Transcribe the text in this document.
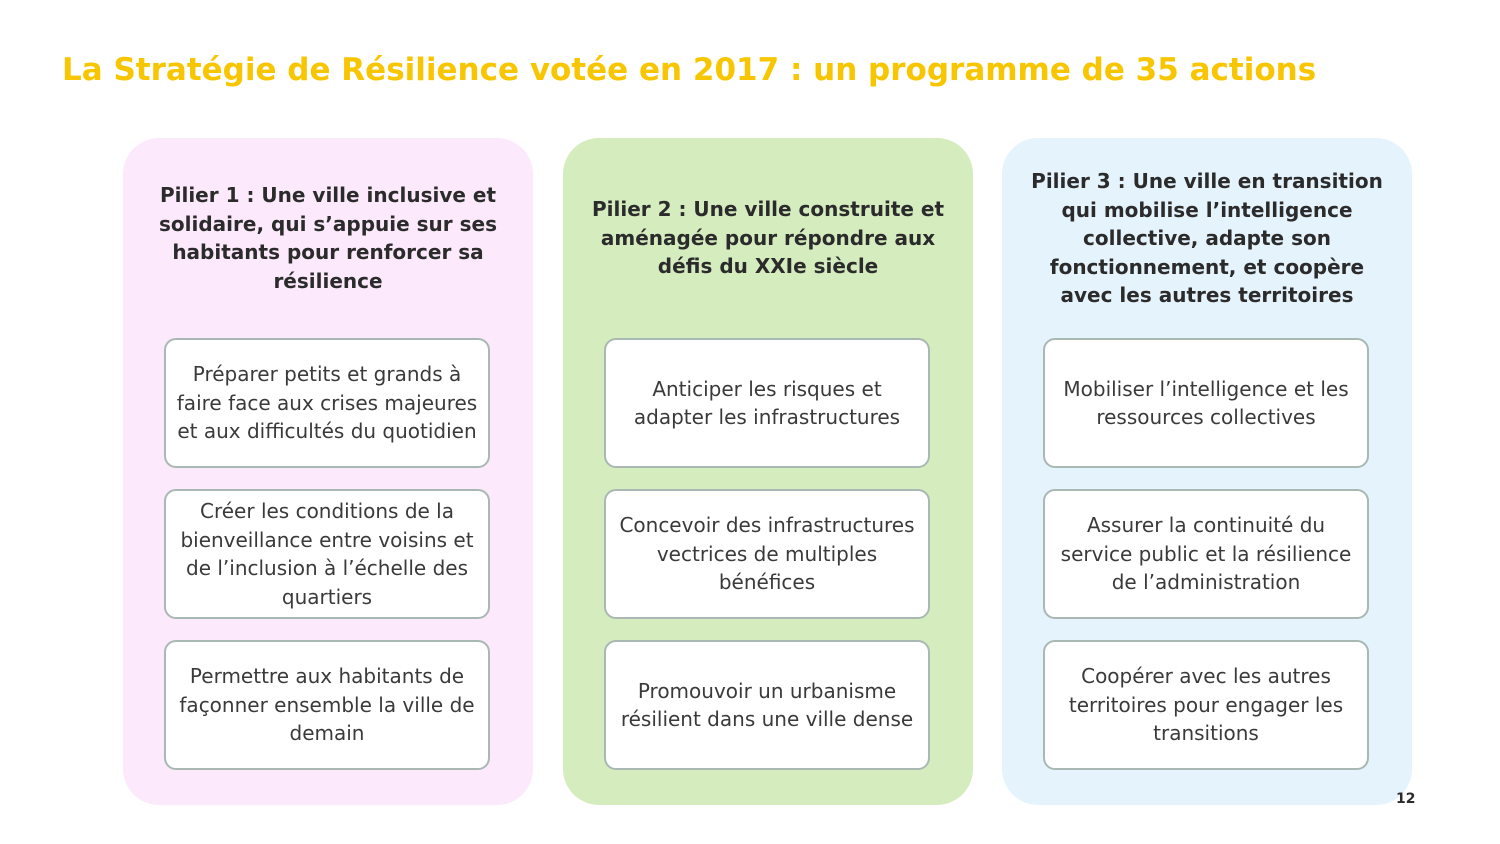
La Stratégie de Résilience votée en 2017 : un programme de 35 actions
Pilier 1 : Une ville inclusive et solidaire, qui s’appuie sur ses habitants pour renforcer sa résilience
Préparer petits et grands à faire face aux crises majeures et aux difficultés du quotidien
Créer les conditions de la bienveillance entre voisins et de l’inclusion à l’échelle des quartiers
Permettre aux habitants de façonner ensemble la ville de demain
Pilier 2 : Une ville construite et aménagée pour répondre aux défis du XXIe siècle
Anticiper les risques et adapter les infrastructures
Concevoir des infrastructures vectrices de multiples bénéfices
Promouvoir un urbanisme résilient dans une ville dense
Pilier 3 : Une ville en transition qui mobilise l’intelligence collective, adapte son fonctionnement, et coopère avec les autres territoires
Mobiliser l’intelligence et les ressources collectives
Assurer la continuité du service public et la résilience de l’administration
Coopérer avec les autres territoires pour engager les transitions
12
